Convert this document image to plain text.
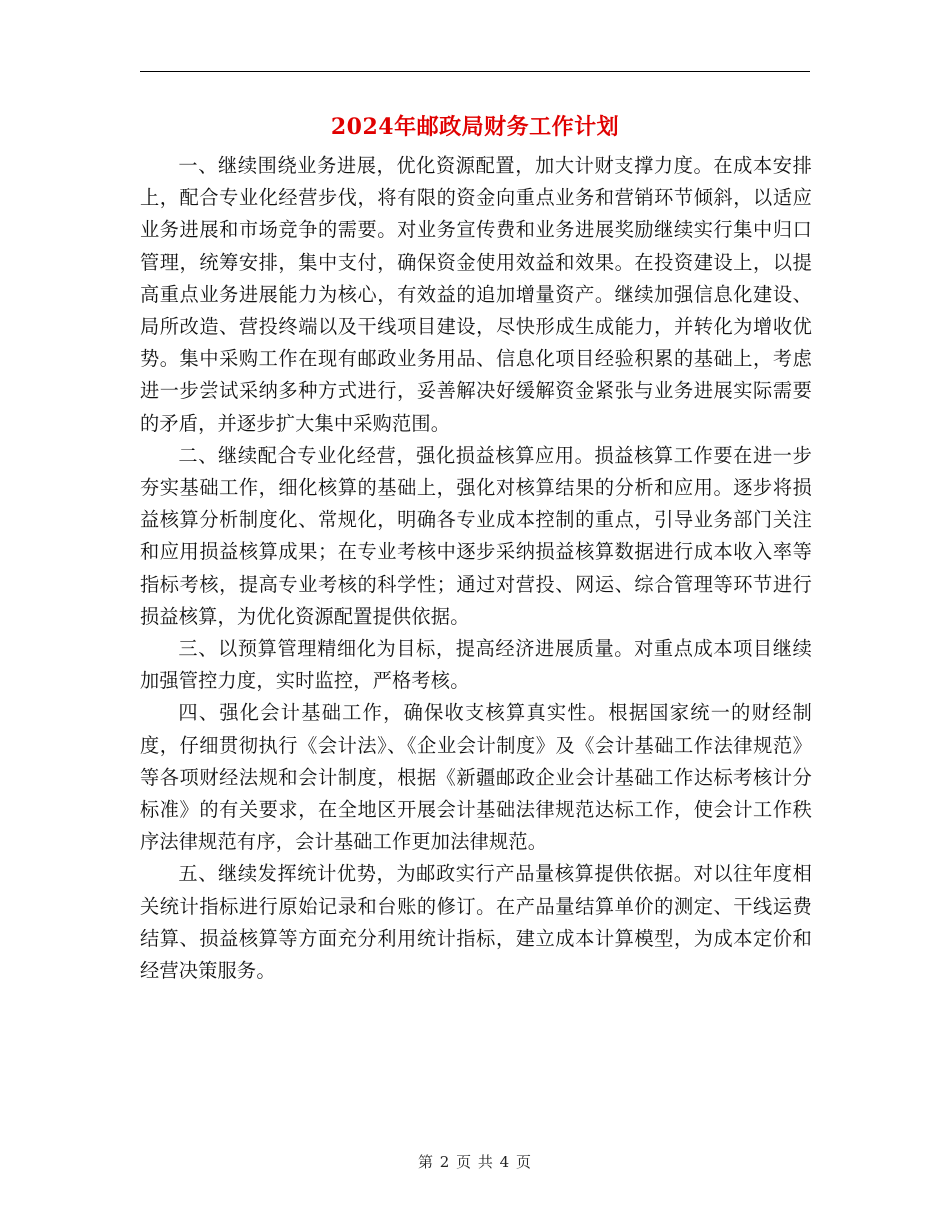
2024年邮政局财务工作计划

一、继续围绕业务进展，优化资源配置，加大计财支撑力度。在成本安排上，配合专业化经营步伐，将有限的资金向重点业务和营销环节倾斜，以适应业务进展和市场竞争的需要。对业务宣传费和业务进展奖励继续实行集中归口管理，统筹安排，集中支付，确保资金使用效益和效果。在投资建设上，以提高重点业务进展能力为核心，有效益的追加增量资产。继续加强信息化建设、局所改造、营投终端以及干线项目建设，尽快形成生成能力，并转化为增收优势。集中采购工作在现有邮政业务用品、信息化项目经验积累的基础上，考虑进一步尝试采纳多种方式进行，妥善解决好缓解资金紧张与业务进展实际需要的矛盾，并逐步扩大集中采购范围。

二、继续配合专业化经营，强化损益核算应用。损益核算工作要在进一步夯实基础工作，细化核算的基础上，强化对核算结果的分析和应用。逐步将损益核算分析制度化、常规化，明确各专业成本控制的重点，引导业务部门关注和应用损益核算成果；在专业考核中逐步采纳损益核算数据进行成本收入率等指标考核，提高专业考核的科学性；通过对营投、网运、综合管理等环节进行损益核算，为优化资源配置提供依据。

三、以预算管理精细化为目标，提高经济进展质量。对重点成本项目继续加强管控力度，实时监控，严格考核。

四、强化会计基础工作，确保收支核算真实性。根据国家统一的财经制度，仔细贯彻执行《会计法》、《企业会计制度》及《会计基础工作法律规范》等各项财经法规和会计制度，根据《新疆邮政企业会计基础工作达标考核计分标准》的有关要求，在全地区开展会计基础法律规范达标工作，使会计工作秩序法律规范有序，会计基础工作更加法律规范。

五、继续发挥统计优势，为邮政实行产品量核算提供依据。对以往年度相关统计指标进行原始记录和台账的修订。在产品量结算单价的测定、干线运费结算、损益核算等方面充分利用统计指标，建立成本计算模型，为成本定价和经营决策服务。

第 2 页 共 4 页
